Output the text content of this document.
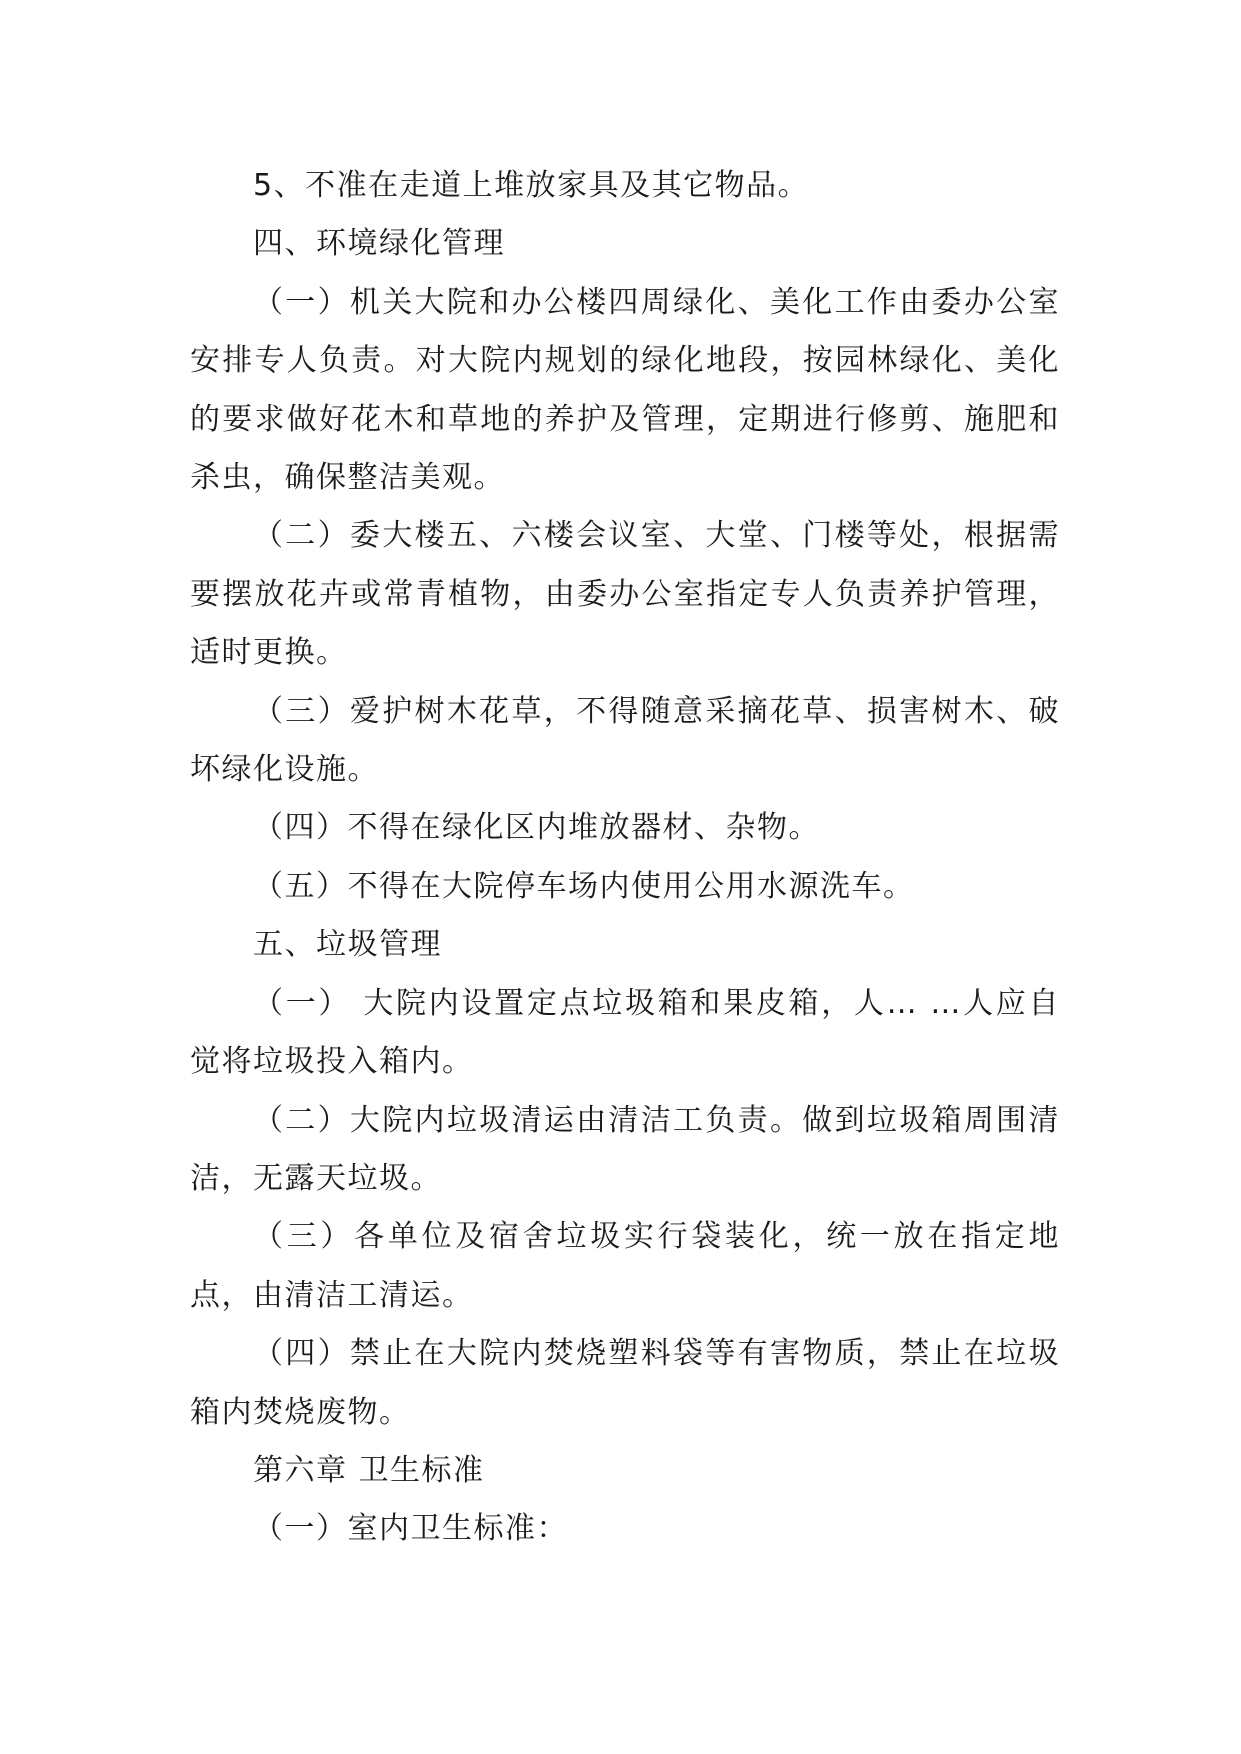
5、不准在走道上堆放家具及其它物品。

四、环境绿化管理

（一）机关大院和办公楼四周绿化、美化工作由委办公室安排专人负责。对大院内规划的绿化地段，按园林绿化、美化的要求做好花木和草地的养护及管理，定期进行修剪、施肥和杀虫，确保整洁美观。

（二）委大楼五、六楼会议室、大堂、门楼等处，根据需要摆放花卉或常青植物，由委办公室指定专人负责养护管理，适时更换。

（三）爱护树木花草，不得随意采摘花草、损害树木、破坏绿化设施。

（四）不得在绿化区内堆放器材、杂物。

（五）不得在大院停车场内使用公用水源洗车。

五、垃圾管理

（一） 大院内设置定点垃圾箱和果皮箱，人… …人应自觉将垃圾投入箱内。

（二）大院内垃圾清运由清洁工负责。做到垃圾箱周围清洁，无露天垃圾。

（三）各单位及宿舍垃圾实行袋装化，统一放在指定地点，由清洁工清运。

（四）禁止在大院内焚烧塑料袋等有害物质，禁止在垃圾箱内焚烧废物。

第六章 卫生标准

（一）室内卫生标准：
